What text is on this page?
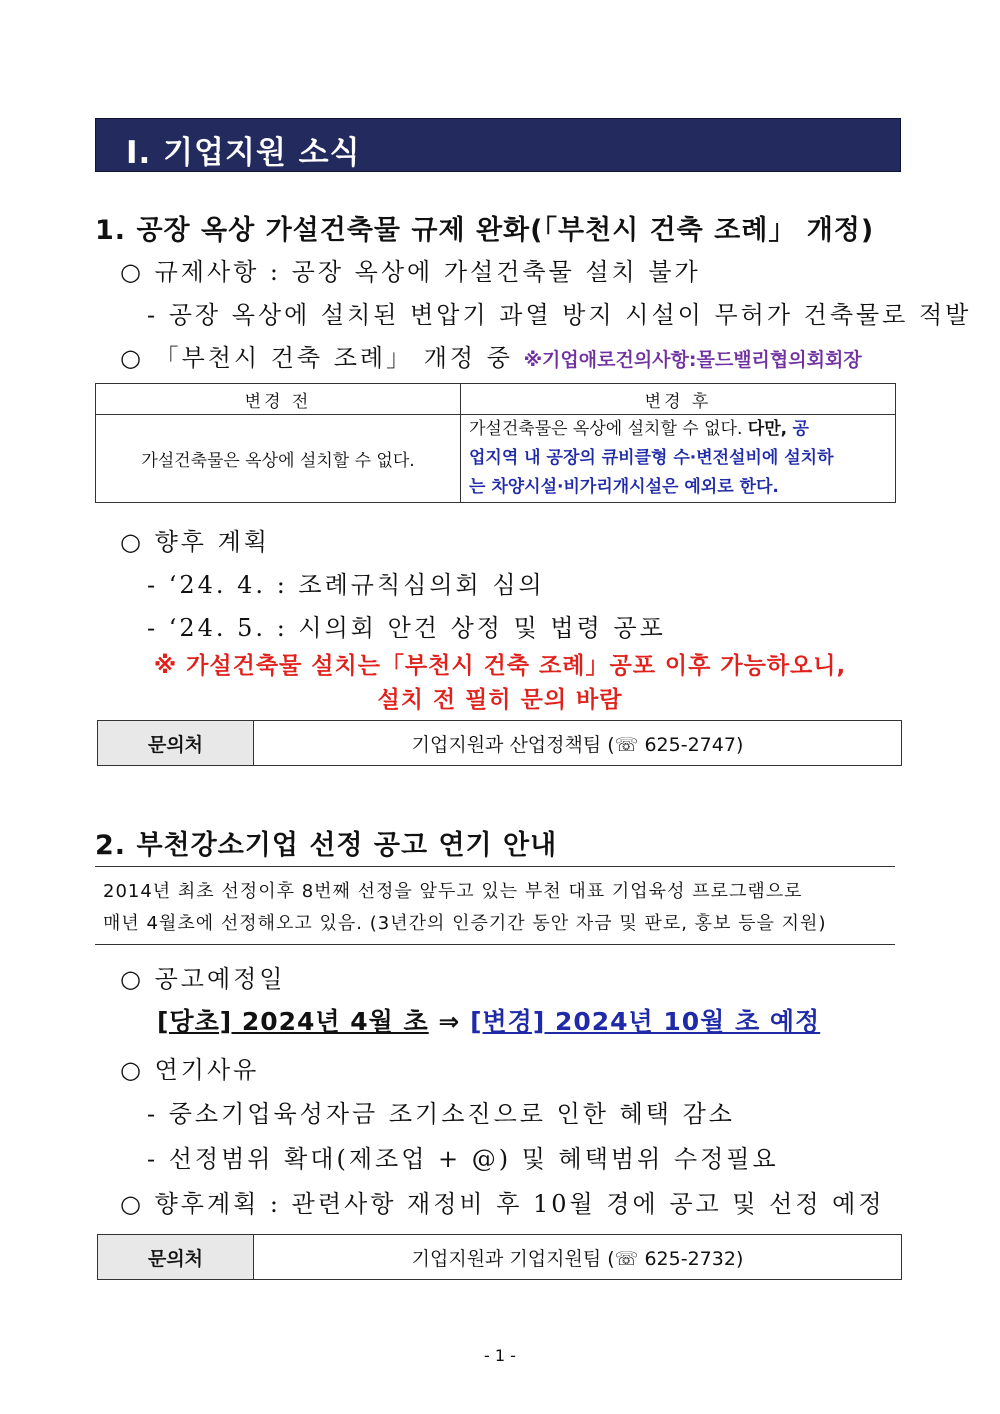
Ⅰ. 기업지원 소식
1. 공장 옥상 가설건축물 규제 완화(「부천시 건축 조례」 개정)
○ 규제사항 : 공장 옥상에 가설건축물 설치 불가
- 공장 옥상에 설치된 변압기 과열 방지 시설이 무허가 건축물로 적발
○ 「부천시 건축 조례」 개정 중 ※기업애로건의사항:몰드밸리협의회회장
변경 전	변경 후
가설건축물은 옥상에 설치할 수 없다.	가설건축물은 옥상에 설치할 수 없다. 다만, 공
업지역 내 공장의 큐비클형 수·변전설비에 설치하
는 차양시설·비가리개시설은 예외로 한다.
○ 향후 계획
- ‘24. 4. : 조례규칙심의회 심의
- ‘24. 5. : 시의회 안건 상정 및 법령 공포
※ 가설건축물 설치는「부천시 건축 조례」공포 이후 가능하오니,
설치 전 필히 문의 바람
문의처	기업지원과 산업정책팀 (☏ 625-2747)
2. 부천강소기업 선정 공고 연기 안내
2014년 최초 선정이후 8번째 선정을 앞두고 있는 부천 대표 기업육성 프로그램으로
매년 4월초에 선정해오고 있음. (3년간의 인증기간 동안 자금 및 판로, 홍보 등을 지원)
○ 공고예정일
[당초] 2024년 4월 초 ⇒ [변경] 2024년 10월 초 예정
○ 연기사유
- 중소기업육성자금 조기소진으로 인한 혜택 감소
- 선정범위 확대(제조업 + @) 및 혜택범위 수정필요
○ 향후계획 : 관련사항 재정비 후 10월 경에 공고 및 선정 예정
문의처	기업지원과 기업지원팀 (☏ 625-2732)
- 1 -
